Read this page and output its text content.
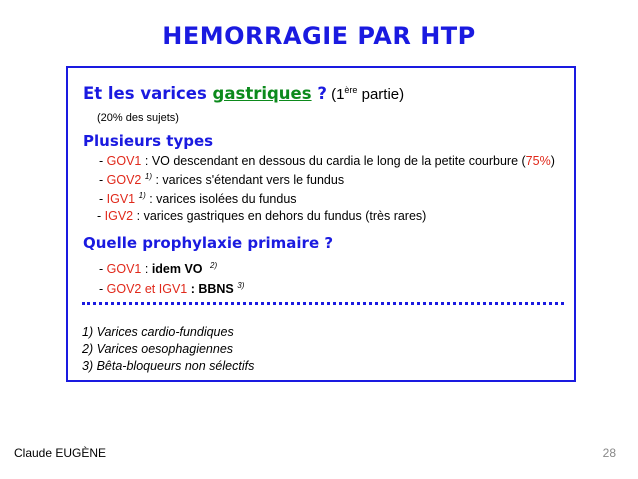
HEMORRAGIE PAR HTP
Et les varices gastriques ? (1ère partie)
(20% des sujets)
Plusieurs types
- GOV1 : VO descendant en dessous du cardia le long de la petite courbure (75%)
- GOV2 $^{1)}$ : varices s'étendant vers le fundus
- IGV1 $^{1)}$ : varices isolées du fundus
- IGV2 : varices gastriques en dehors du fundus (très rares)
Quelle prophylaxie primaire ?
- GOV1 : idem VO $^{2)}$
- GOV2 et IGV1 : BBNS $^{3)}$
1) Varices cardio-fundiques
2) Varices oesophagiennes
3) Bêta-bloqueurs non sélectifs
Claude EUGÈNE	28
